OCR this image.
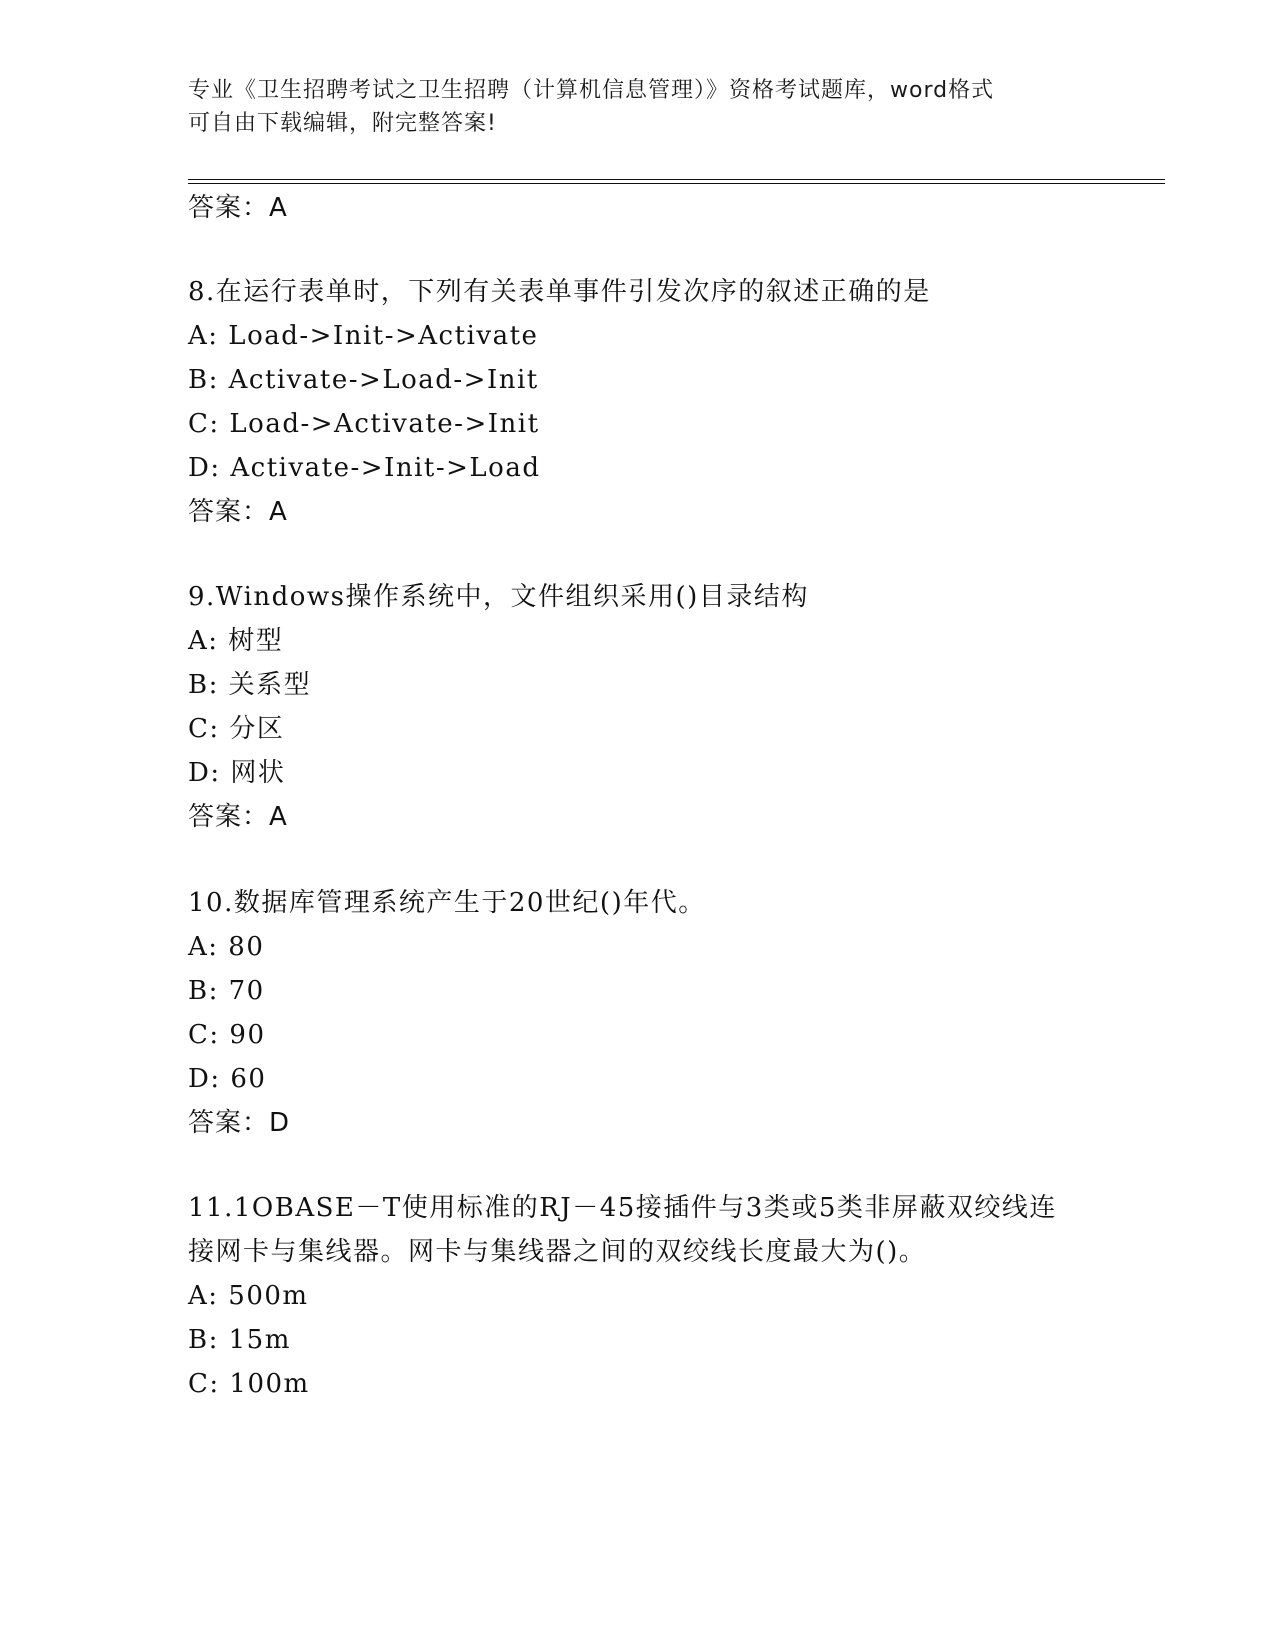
专业《卫生招聘考试之卫生招聘（计算机信息管理）》资格考试题库，word格式
可自由下载编辑，附完整答案!
答案：A
8.在运行表单时，下列有关表单事件引发次序的叙述正确的是
A: Load->Init->Activate
B: Activate->Load->Init
C: Load->Activate->Init
D: Activate->Init->Load
答案：A
9.Windows操作系统中，文件组织采用()目录结构
A: 树型
B: 关系型
C: 分区
D: 网状
答案：A
10.数据库管理系统产生于20世纪()年代。
A: 80
B: 70
C: 90
D: 60
答案：D
11.1OBASE－T使用标准的RJ－45接插件与3类或5类非屏蔽双绞线连
接网卡与集线器。网卡与集线器之间的双绞线长度最大为()。
A: 500m
B: 15m
C: 100m
